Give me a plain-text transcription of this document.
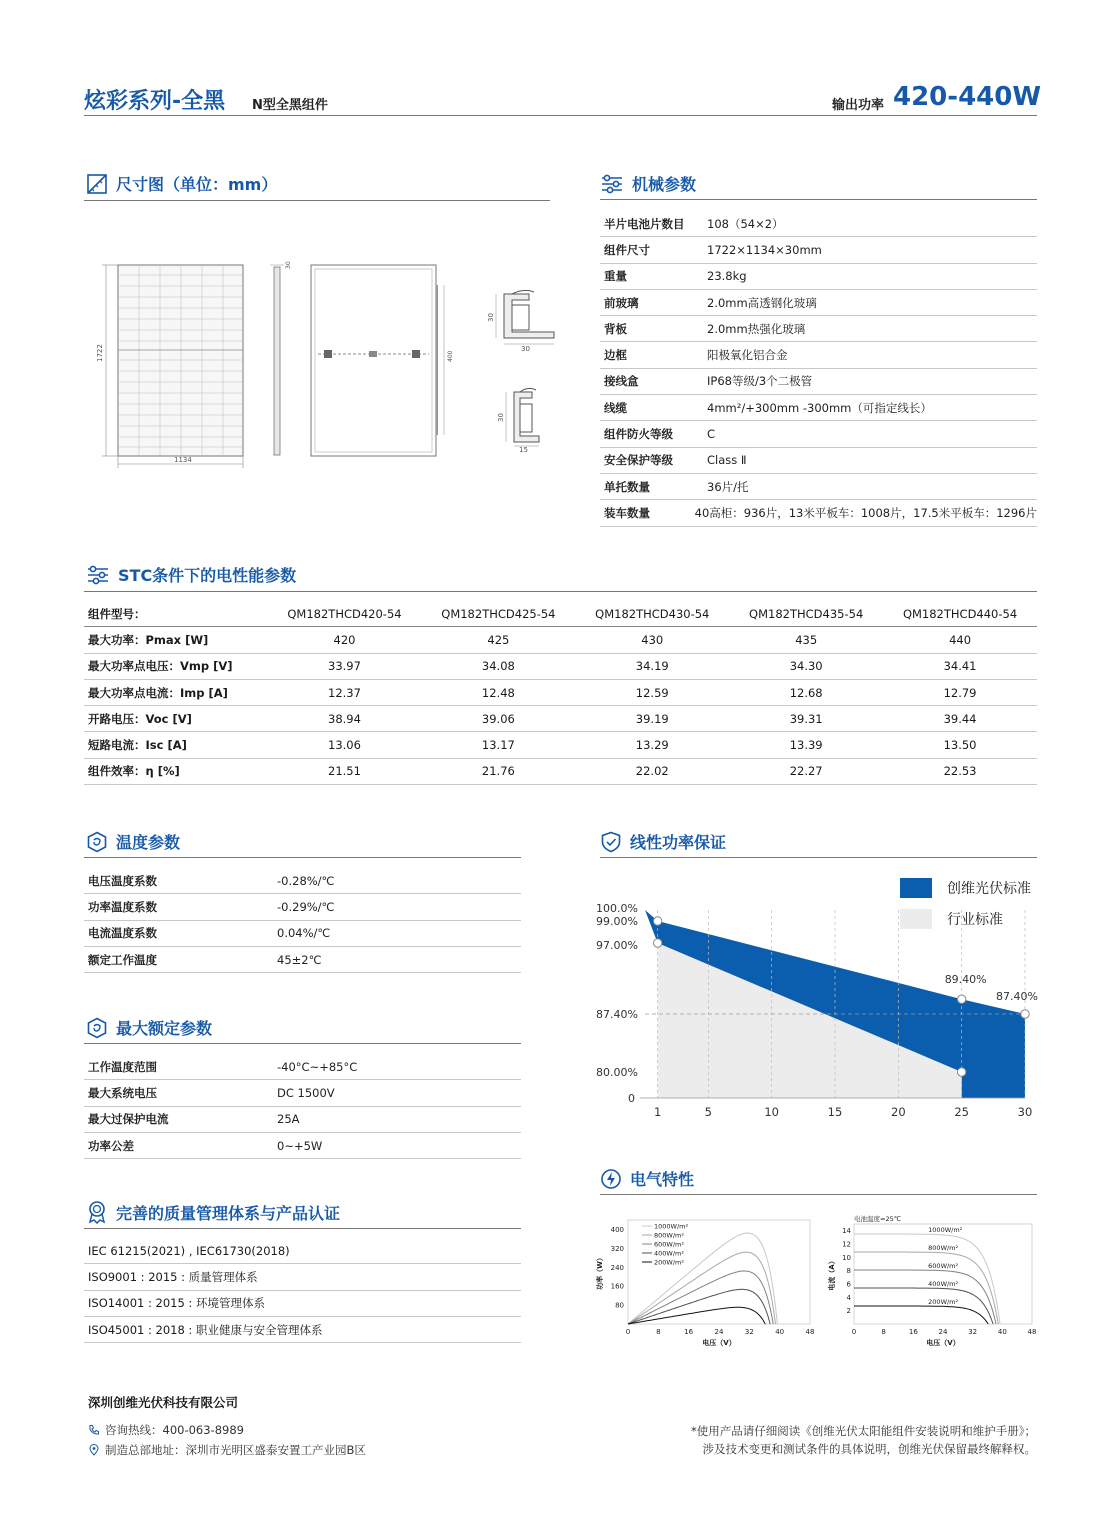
炫彩系列-全黑 N型全黑组件	输出功率 420-440W
尺寸图（单位：mm）
1722
1134
30
400
30
30
30
15
机械参数
半片电池片数目	108（54×2）
组件尺寸	1722×1134×30mm
重量	23.8kg
前玻璃	2.0mm高透钢化玻璃
背板	2.0mm热强化玻璃
边框	阳极氧化铝合金
接线盒	IP68等级/3个二极管
线缆	4mm²/+300mm -300mm（可指定线长）
组件防火等级	C
安全保护等级	Class Ⅱ
单托数量	36片/托
装车数量	40高柜：936片，13米平板车：1008片，17.5米平板车：1296片
STC条件下的电性能参数
组件型号：	QM182THCD420-54	QM182THCD425-54	QM182THCD430-54	QM182THCD435-54	QM182THCD440-54
最大功率：Pmax [W]	420	425	430	435	440
最大功率点电压：Vmp [V]	33.97	34.08	34.19	34.30	34.41
最大功率点电流：Imp [A]	12.37	12.48	12.59	12.68	12.79
开路电压：Voc [V]	38.94	39.06	39.19	39.31	39.44
短路电流：Isc [A]	13.06	13.17	13.29	13.39	13.50
组件效率：η [%]	21.51	21.76	22.02	22.27	22.53
温度参数
电压温度系数	-0.28%/℃
功率温度系数	-0.29%/℃
电流温度系数	0.04%/℃
额定工作温度	45±2℃
最大额定参数
工作温度范围	-40°C~+85°C
最大系统电压	DC 1500V
最大过保护电流	25A
功率公差	0~+5W
完善的质量管理体系与产品认证
IEC 61215(2021) , IEC61730(2018)
ISO9001 : 2015 : 质量管理体系
ISO14001 : 2015 : 环境管理体系
ISO45001 : 2018 : 职业健康与安全管理体系
线性功率保证
创维光伏标准
行业标准
0
80.00%
87.40%
97.00%
99.00%
100.0%
1	5	10	15	20	25	30
89.40%
87.40%
电气特性
0	8	16	24	32	40	48
80
160
240
320
400
电压（V）
功率（W）
1000W/m²
800W/m²
600W/m²
400W/m²
200W/m²
电池温度=25℃
0	8	16	24	32	40	48
2
4
6
8
10
12
14
电压（V）
电流（A）
1000W/m²
800W/m²
600W/m²
400W/m²
200W/m²
深圳创维光伏科技有限公司
咨询热线：400-063-8989
制造总部地址：深圳市光明区盛泰安置工产业园B区
*使用产品请仔细阅读《创维光伏太阳能组件安装说明和维护手册》；
涉及技术变更和测试条件的具体说明，创维光伏保留最终解释权。
